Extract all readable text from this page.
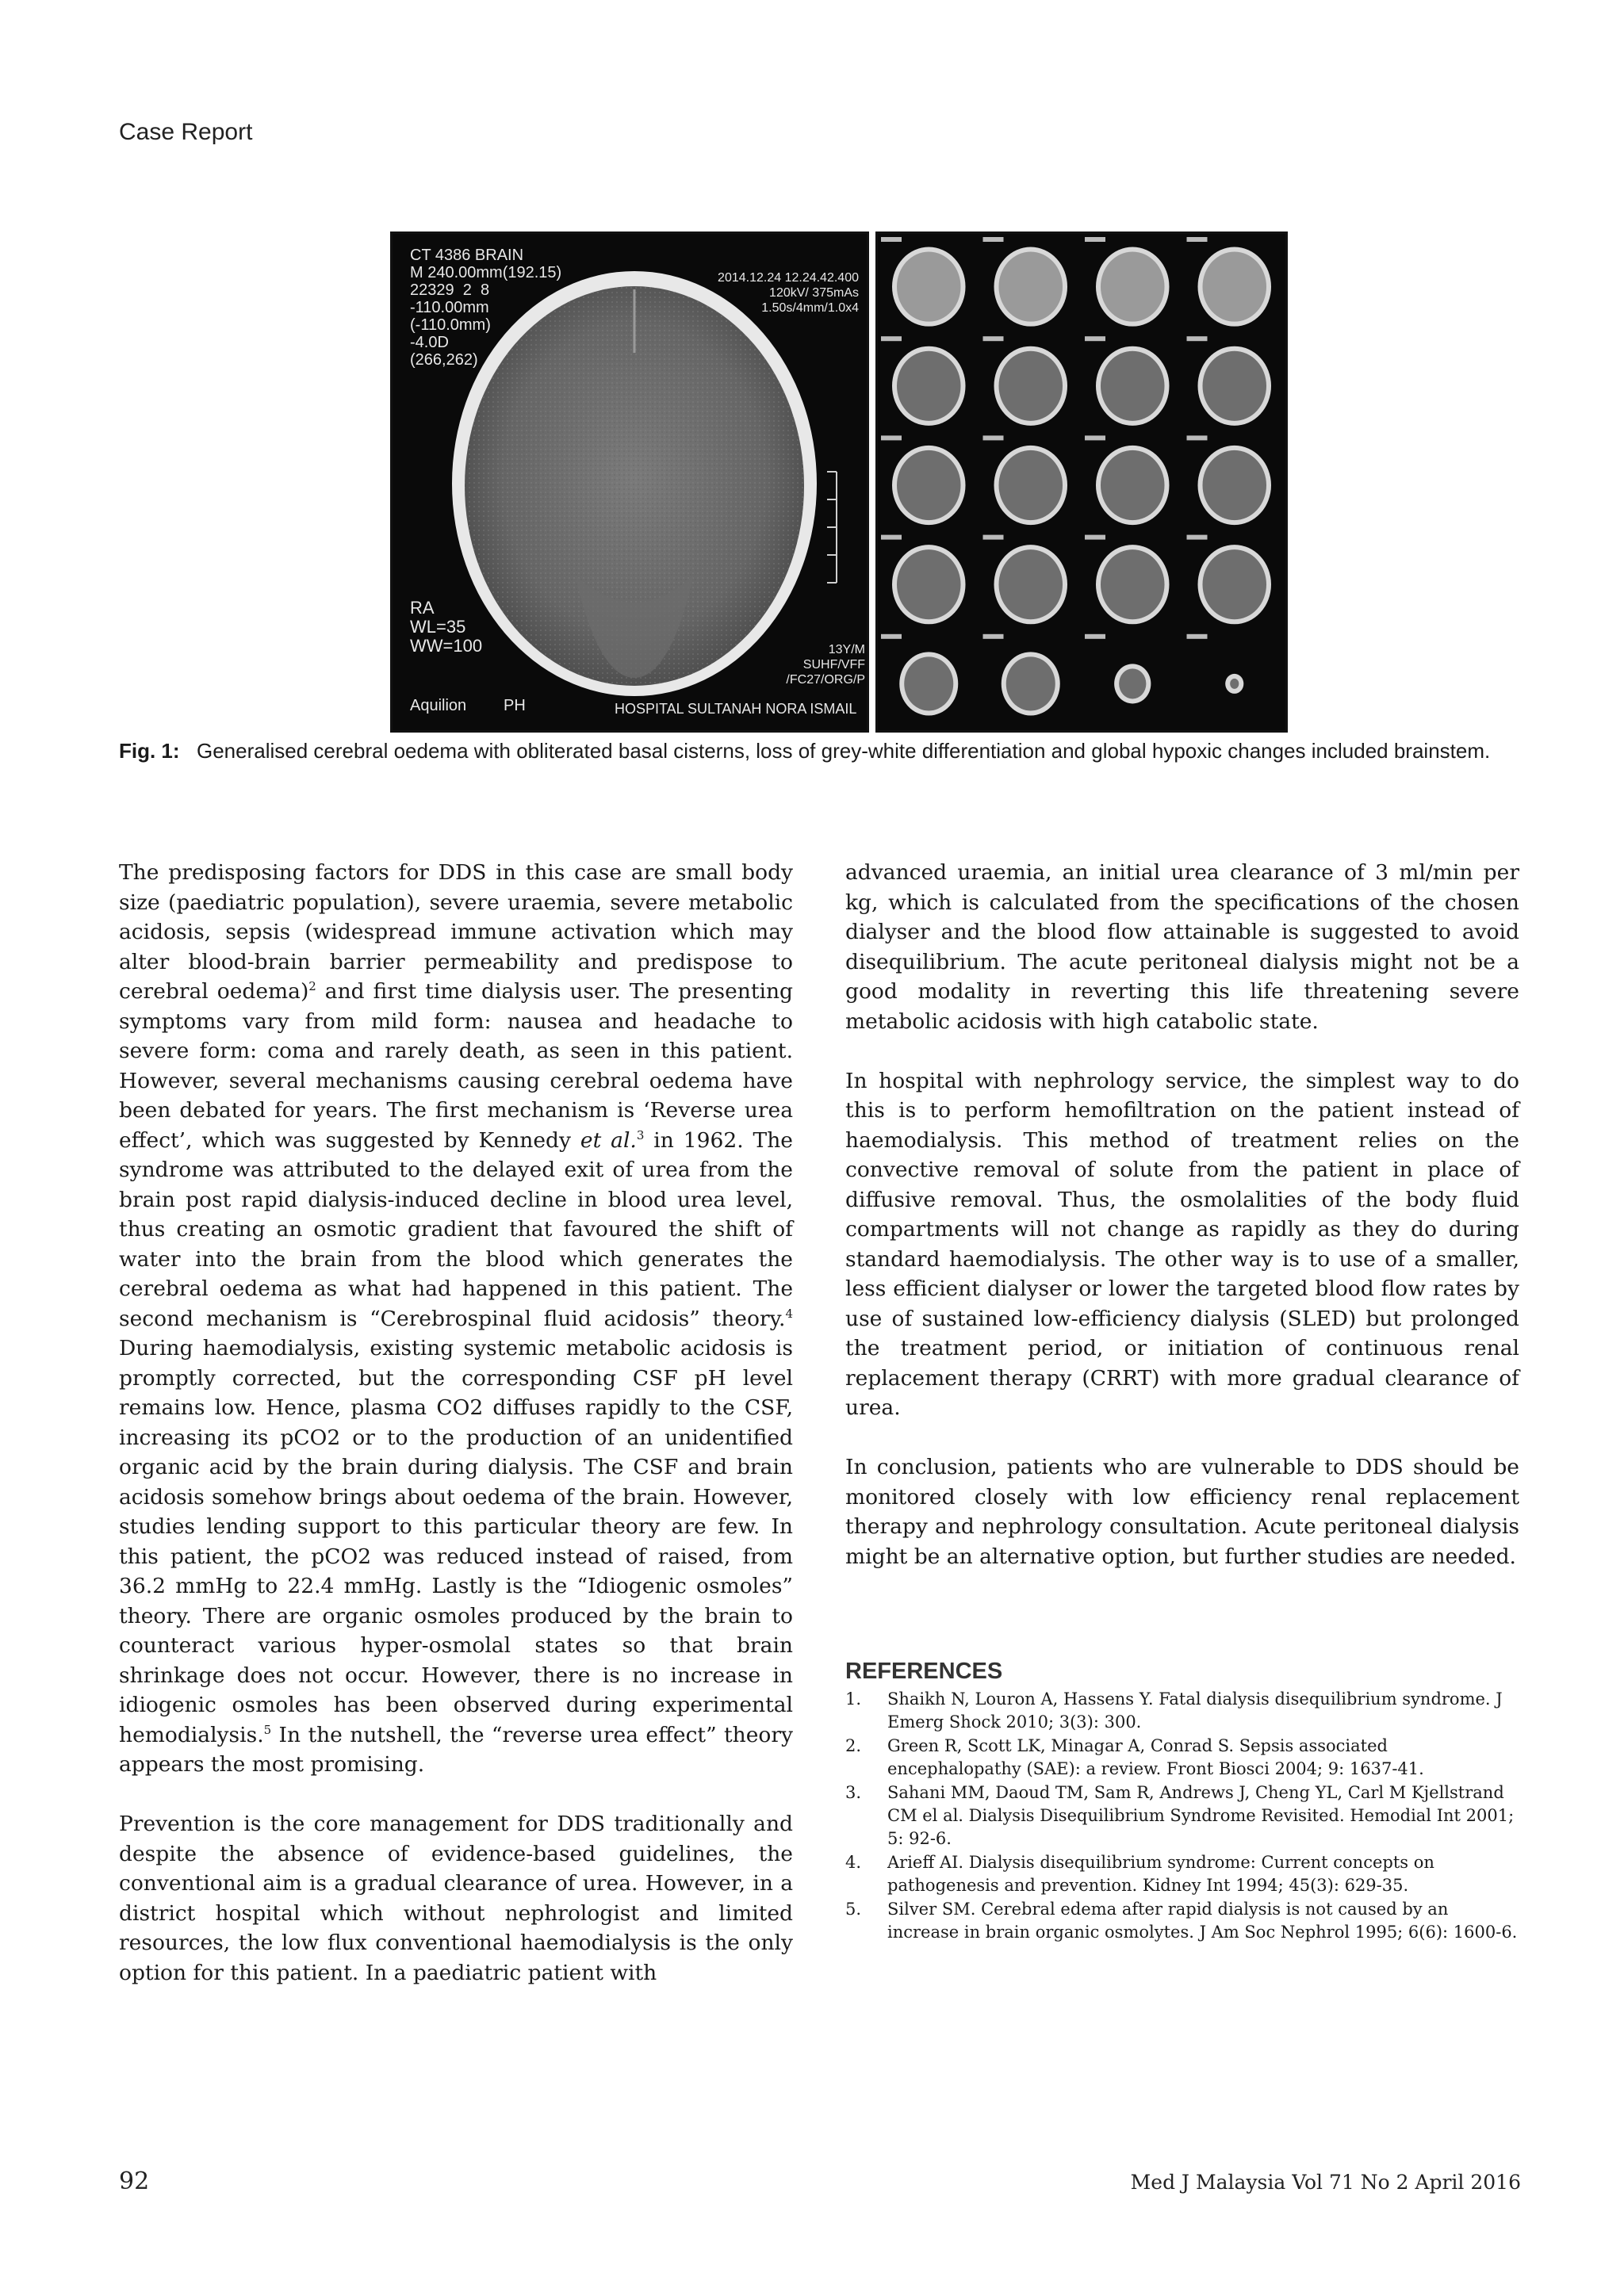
Case Report
CT 4386 BRAIN
M 240.00mm(192.15)
22329  2  8
-110.00mm
(-110.0mm)
-4.0D
(266,262)
2014.12.24 12.24.42.400
120kV/ 375mAs
1.50s/4mm/1.0x4
RA
WL=35
WW=100	13Y/M
SUHF/VFF
/FC27/ORG/P
Aquilion PH	HOSPITAL SULTANAH NORA ISMAIL
Fig. 1: Generalised cerebral oedema with obliterated basal cisterns, loss of grey-white differentiation and global hypoxic changes included brainstem.

The predisposing factors for DDS in this case are small body size (paediatric population), severe uraemia, severe metabolic acidosis, sepsis (widespread immune activation which may alter blood-brain barrier permeability and predispose to cerebral oedema)$^2$ and first time dialysis user. The presenting symptoms vary from mild form: nausea and headache to severe form: coma and rarely death, as seen in this patient. However, several mechanisms causing cerebral oedema have been debated for years. The first mechanism is ‘Reverse urea effect’, which was suggested by Kennedy et al.$^3$ in 1962. The syndrome was attributed to the delayed exit of urea from the brain post rapid dialysis-induced decline in blood urea level, thus creating an osmotic gradient that favoured the shift of water into the brain from the blood which generates the cerebral oedema as what had happened in this patient. The second mechanism is “Cerebrospinal fluid acidosis” theory.$^4$ During haemodialysis, existing systemic metabolic acidosis is promptly corrected, but the corresponding CSF pH level remains low. Hence, plasma CO2 diffuses rapidly to the CSF, increasing its pCO2 or to the production of an unidentified organic acid by the brain during dialysis. The CSF and brain acidosis somehow brings about oedema of the brain. However, studies lending support to this particular theory are few. In this patient, the pCO2 was reduced instead of raised, from 36.2 mmHg to 22.4 mmHg. Lastly is the “Idiogenic osmoles” theory. There are organic osmoles produced by the brain to counteract various hyper-osmolal states so that brain shrinkage does not occur. However, there is no increase in idiogenic osmoles has been observed during experimental hemodialysis.$^5$ In the nutshell, the “reverse urea effect” theory appears the most promising.

Prevention is the core management for DDS traditionally and despite the absence of evidence-based guidelines, the conventional aim is a gradual clearance of urea. However, in a district hospital which without nephrologist and limited resources, the low flux conventional haemodialysis is the only option for this patient. In a paediatric patient with

advanced uraemia, an initial urea clearance of 3 ml/min per kg, which is calculated from the specifications of the chosen dialyser and the blood flow attainable is suggested to avoid disequilibrium. The acute peritoneal dialysis might not be a good modality in reverting this life threatening severe metabolic acidosis with high catabolic state.

In hospital with nephrology service, the simplest way to do this is to perform hemofiltration on the patient instead of haemodialysis. This method of treatment relies on the convective removal of solute from the patient in place of diffusive removal. Thus, the osmolalities of the body fluid compartments will not change as rapidly as they do during standard haemodialysis. The other way is to use of a smaller, less efficient dialyser or lower the targeted blood flow rates by use of sustained low-efficiency dialysis (SLED) but prolonged the treatment period, or initiation of continuous renal replacement therapy (CRRT) with more gradual clearance of urea.

In conclusion, patients who are vulnerable to DDS should be monitored closely with low efficiency renal replacement therapy and nephrology consultation. Acute peritoneal dialysis might be an alternative option, but further studies are needed.

REFERENCES
1. Shaikh N, Louron A, Hassens Y. Fatal dialysis disequilibrium syndrome. J Emerg Shock 2010; 3(3): 300.
2. Green R, Scott LK, Minagar A, Conrad S. Sepsis associated encephalopathy (SAE): a review. Front Biosci 2004; 9: 1637-41.
3. Sahani MM, Daoud TM, Sam R, Andrews J, Cheng YL, Carl M Kjellstrand CM el al. Dialysis Disequilibrium Syndrome Revisited. Hemodial Int 2001; 5: 92-6.
4. Arieff AI. Dialysis disequilibrium syndrome: Current concepts on pathogenesis and prevention. Kidney Int 1994; 45(3): 629-35.
5. Silver SM. Cerebral edema after rapid dialysis is not caused by an increase in brain organic osmolytes. J Am Soc Nephrol 1995; 6(6): 1600-6.
92	Med J Malaysia Vol 71 No 2 April 2016
